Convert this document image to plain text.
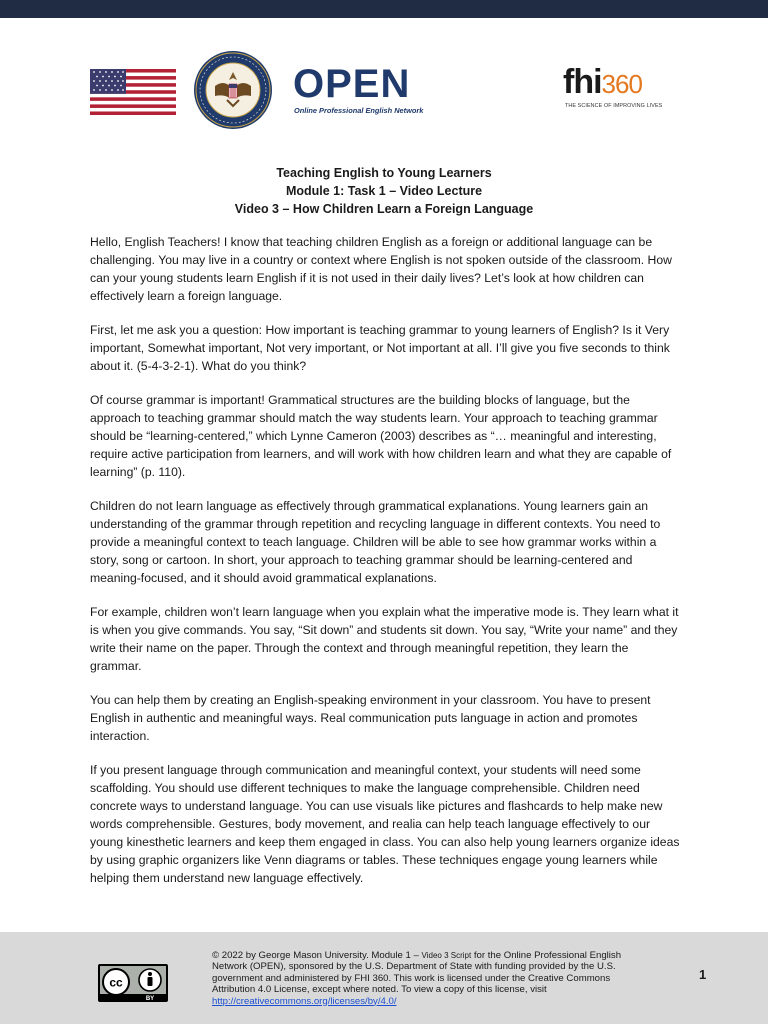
OPEN
Online Professional English Network
fhi360
THE SCIENCE OF IMPROVING LIVES
Teaching English to Young Learners
Module 1: Task 1 – Video Lecture
Video 3 – How Children Learn a Foreign Language

Hello, English Teachers! I know that teaching children English as a foreign or additional language can be challenging. You may live in a country or context where English is not spoken outside of the classroom. How can your young students learn English if it is not used in their daily lives? Let’s look at how children can effectively learn a foreign language.

First, let me ask you a question: How important is teaching grammar to young learners of English? Is it Very important, Somewhat important, Not very important, or Not important at all. I’ll give you five seconds to think about it. (5-4-3-2-1). What do you think?

Of course grammar is important! Grammatical structures are the building blocks of language, but the approach to teaching grammar should match the way students learn. Your approach to teaching grammar should be “learning-centered,” which Lynne Cameron (2003) describes as “… meaningful and interesting, require active participation from learners, and will work with how children learn and what they are capable of learning” (p. 110).

Children do not learn language as effectively through grammatical explanations. Young learners gain an understanding of the grammar through repetition and recycling language in different contexts. You need to provide a meaningful context to teach language. Children will be able to see how grammar works within a story, song or cartoon. In short, your approach to teaching grammar should be learning-centered and meaning-focused, and it should avoid grammatical explanations.

For example, children won’t learn language when you explain what the imperative mode is. They learn what it is when you give commands. You say, “Sit down” and students sit down. You say, “Write your name” and they write their name on the paper. Through the context and through meaningful repetition, they learn the grammar.

You can help them by creating an English-speaking environment in your classroom. You have to present English in authentic and meaningful ways. Real communication puts language in action and promotes interaction.

If you present language through communication and meaningful context, your students will need some scaffolding. You should use different techniques to make the language comprehensible. Children need concrete ways to understand language. You can use visuals like pictures and flashcards to help make new words comprehensible. Gestures, body movement, and realia can help teach language effectively to our young kinesthetic learners and keep them engaged in class. You can also help young learners organize ideas by using graphic organizers like Venn diagrams or tables. These techniques engage young learners while helping them understand new language effectively.

cc
BY
© 2022 by George Mason University. Module 1 – Video 3 Script for the Online Professional English Network (OPEN), sponsored by the U.S. Department of State with funding provided by the U.S. government and administered by FHI 360. This work is licensed under the Creative Commons Attribution 4.0 License, except where noted. To view a copy of this license, visit
http://creativecommons.org/licenses/by/4.0/
1
